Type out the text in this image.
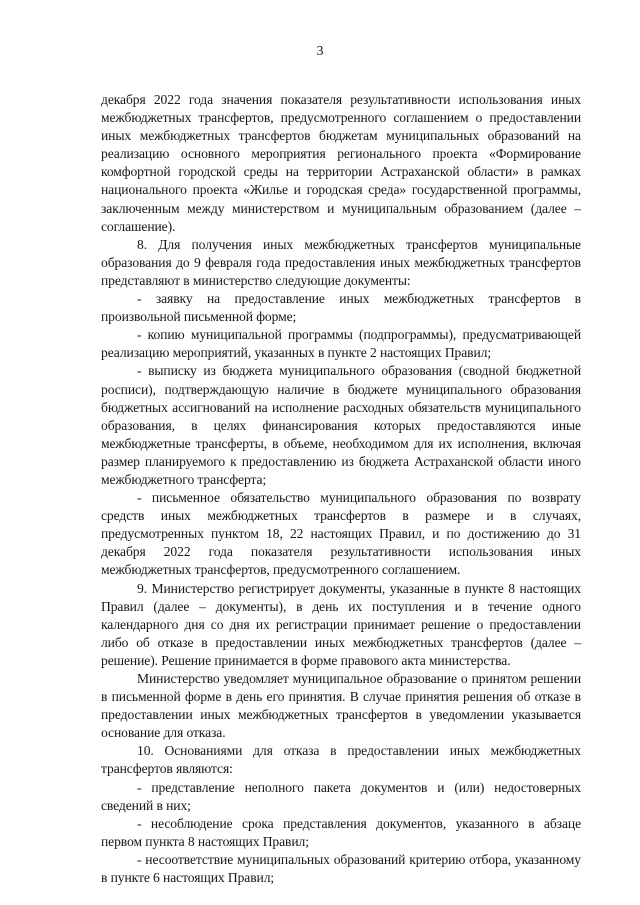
3

декабря 2022 года значения показателя результативности использования иных межбюджетных трансфертов, предусмотренного соглашением о предоставлении иных межбюджетных трансфертов бюджетам муниципальных образований на реализацию основного мероприятия регионального проекта «Формирование комфортной городской среды на территории Астраханской области» в рамках национального проекта «Жилье и городская среда» государственной программы, заключенным между министерством и муниципальным образованием (далее – соглашение).

8. Для получения иных межбюджетных трансфертов муниципальные образования до 9 февраля года предоставления иных межбюджетных трансфертов представляют в министерство следующие документы:

- заявку на предоставление иных межбюджетных трансфертов в произвольной письменной форме;

- копию муниципальной программы (подпрограммы), предусматривающей реализацию мероприятий, указанных в пункте 2 настоящих Правил;

- выписку из бюджета муниципального образования (сводной бюджетной росписи), подтверждающую наличие в бюджете муниципального образования бюджетных ассигнований на исполнение расходных обязательств муниципального образования, в целях финансирования которых предоставляются иные межбюджетные трансферты, в объеме, необходимом для их исполнения, включая размер планируемого к предоставлению из бюджета Астраханской области иного межбюджетного трансферта;

- письменное обязательство муниципального образования по возврату средств иных межбюджетных трансфертов в размере и в случаях, предусмотренных пунктом 18, 22 настоящих Правил, и по достижению до 31 декабря 2022 года показателя результативности использования иных межбюджетных трансфертов, предусмотренного соглашением.

9. Министерство регистрирует документы, указанные в пункте 8 настоящих Правил (далее – документы), в день их поступления и в течение одного календарного дня со дня их регистрации принимает решение о предоставлении либо об отказе в предоставлении иных межбюджетных трансфертов (далее – решение). Решение принимается в форме правового акта министерства.

Министерство уведомляет муниципальное образование о принятом решении в письменной форме в день его принятия. В случае принятия решения об отказе в предоставлении иных межбюджетных трансфертов в уведомлении указывается основание для отказа.

10. Основаниями для отказа в предоставлении иных межбюджетных трансфертов являются:

- представление неполного пакета документов и (или) недостоверных сведений в них;

- несоблюдение срока представления документов, указанного в абзаце первом пункта 8 настоящих Правил;

- несоответствие муниципальных образований критерию отбора, указанному в пункте 6 настоящих Правил;
